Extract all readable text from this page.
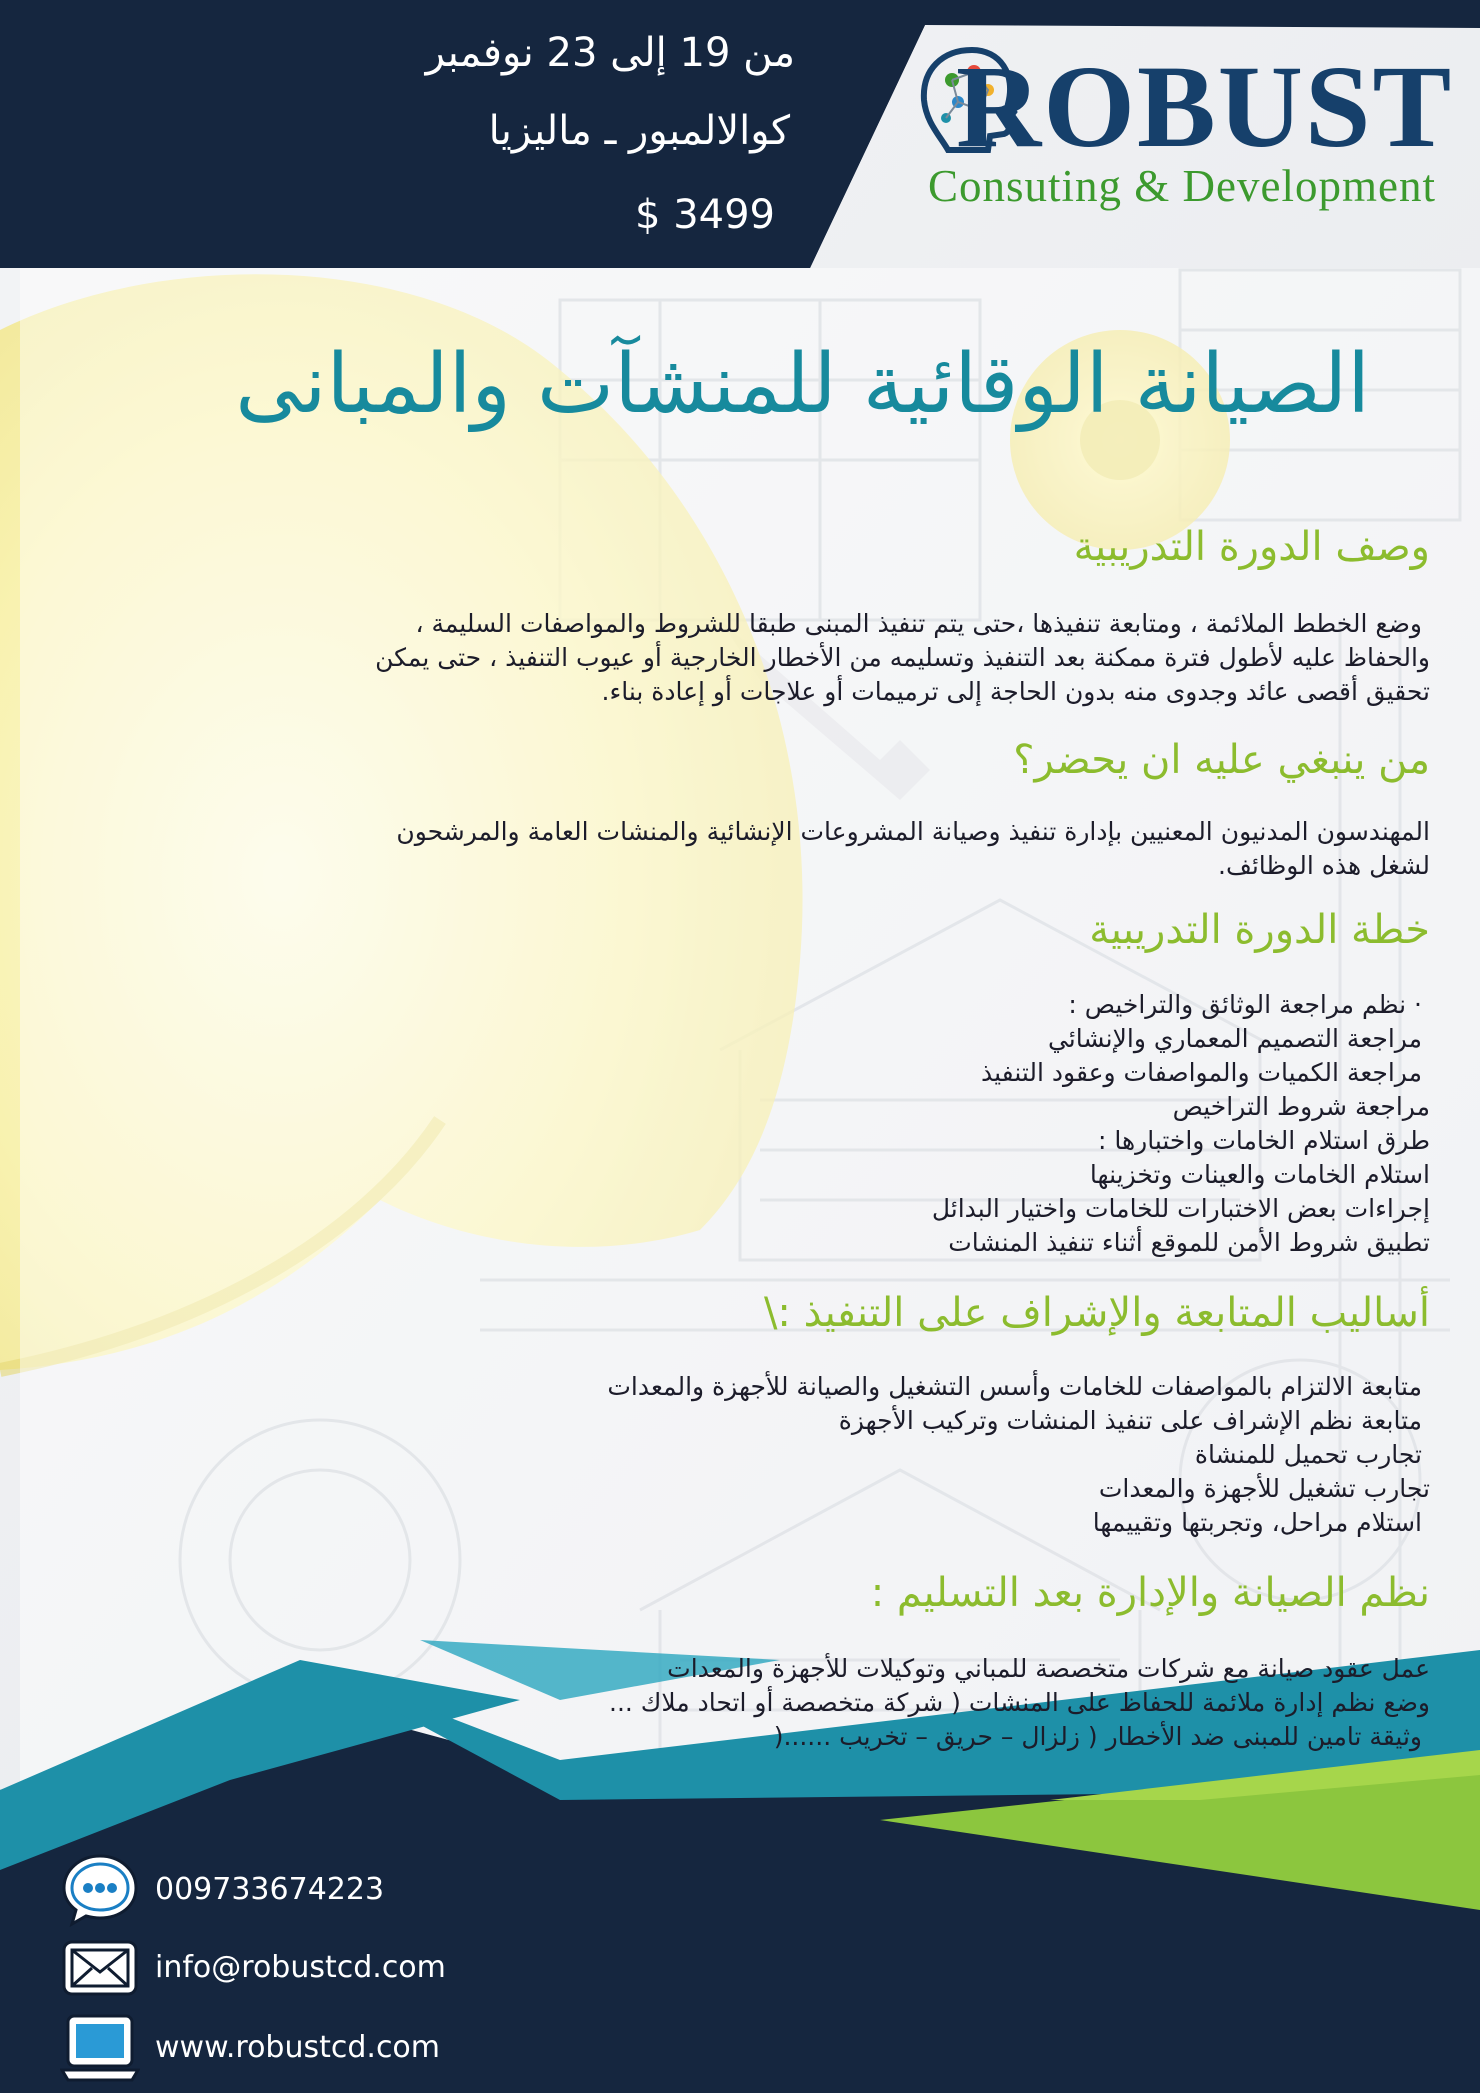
من 19 إلى 23 نوفمبر
كوالالمبور ـ ماليزيا
$ 3499
ROBUST
Consuting & Development
الصيانة الوقائية للمنشآت والمبانى
وصف الدورة التدريبية
وضع الخطط الملائمة ، ومتابعة تنفيذها ،حتى يتم تنفيذ المبنى طبقا للشروط والمواصفات السليمة ،
والحفاظ عليه لأطول فترة ممكنة بعد التنفيذ وتسليمه من الأخطار الخارجية أو عيوب التنفيذ ، حتى يمكن
تحقيق أقصى عائد وجدوى منه بدون الحاجة إلى ترميمات أو علاجات أو إعادة بناء.
من ينبغي عليه ان يحضر؟
المهندسون المدنيون المعنيين بإدارة تنفيذ وصيانة المشروعات الإنشائية والمنشات العامة والمرشحون
لشغل هذه الوظائف.
خطة الدورة التدريبية
· نظم مراجعة الوثائق والتراخيص :
مراجعة التصميم المعماري والإنشائي
مراجعة الكميات والمواصفات وعقود التنفيذ
مراجعة شروط التراخيص
طرق استلام الخامات واختبارها :
استلام الخامات والعينات وتخزينها
إجراءات بعض الاختبارات للخامات واختيار البدائل
تطبيق شروط الأمن للموقع أثناء تنفيذ المنشات
أساليب المتابعة والإشراف على التنفيذ :\
متابعة الالتزام بالمواصفات للخامات وأسس التشغيل والصيانة للأجهزة والمعدات
متابعة نظم الإشراف على تنفيذ المنشات وتركيب الأجهزة
تجارب تحميل للمنشاة
تجارب تشغيل للأجهزة والمعدات
استلام مراحل، وتجربتها وتقييمها
نظم الصيانة والإدارة بعد التسليم :
عمل عقود صيانة مع شركات متخصصة للمباني وتوكيلات للأجهزة والمعدات
وضع نظم إدارة ملائمة للحفاظ على المنشات ( شركة متخصصة أو اتحاد ملاك ...
وثيقة تامين للمبنى ضد الأخطار ( زلزال – حريق – تخريب ......(
009733674223
info@robustcd.com
www.robustcd.com
